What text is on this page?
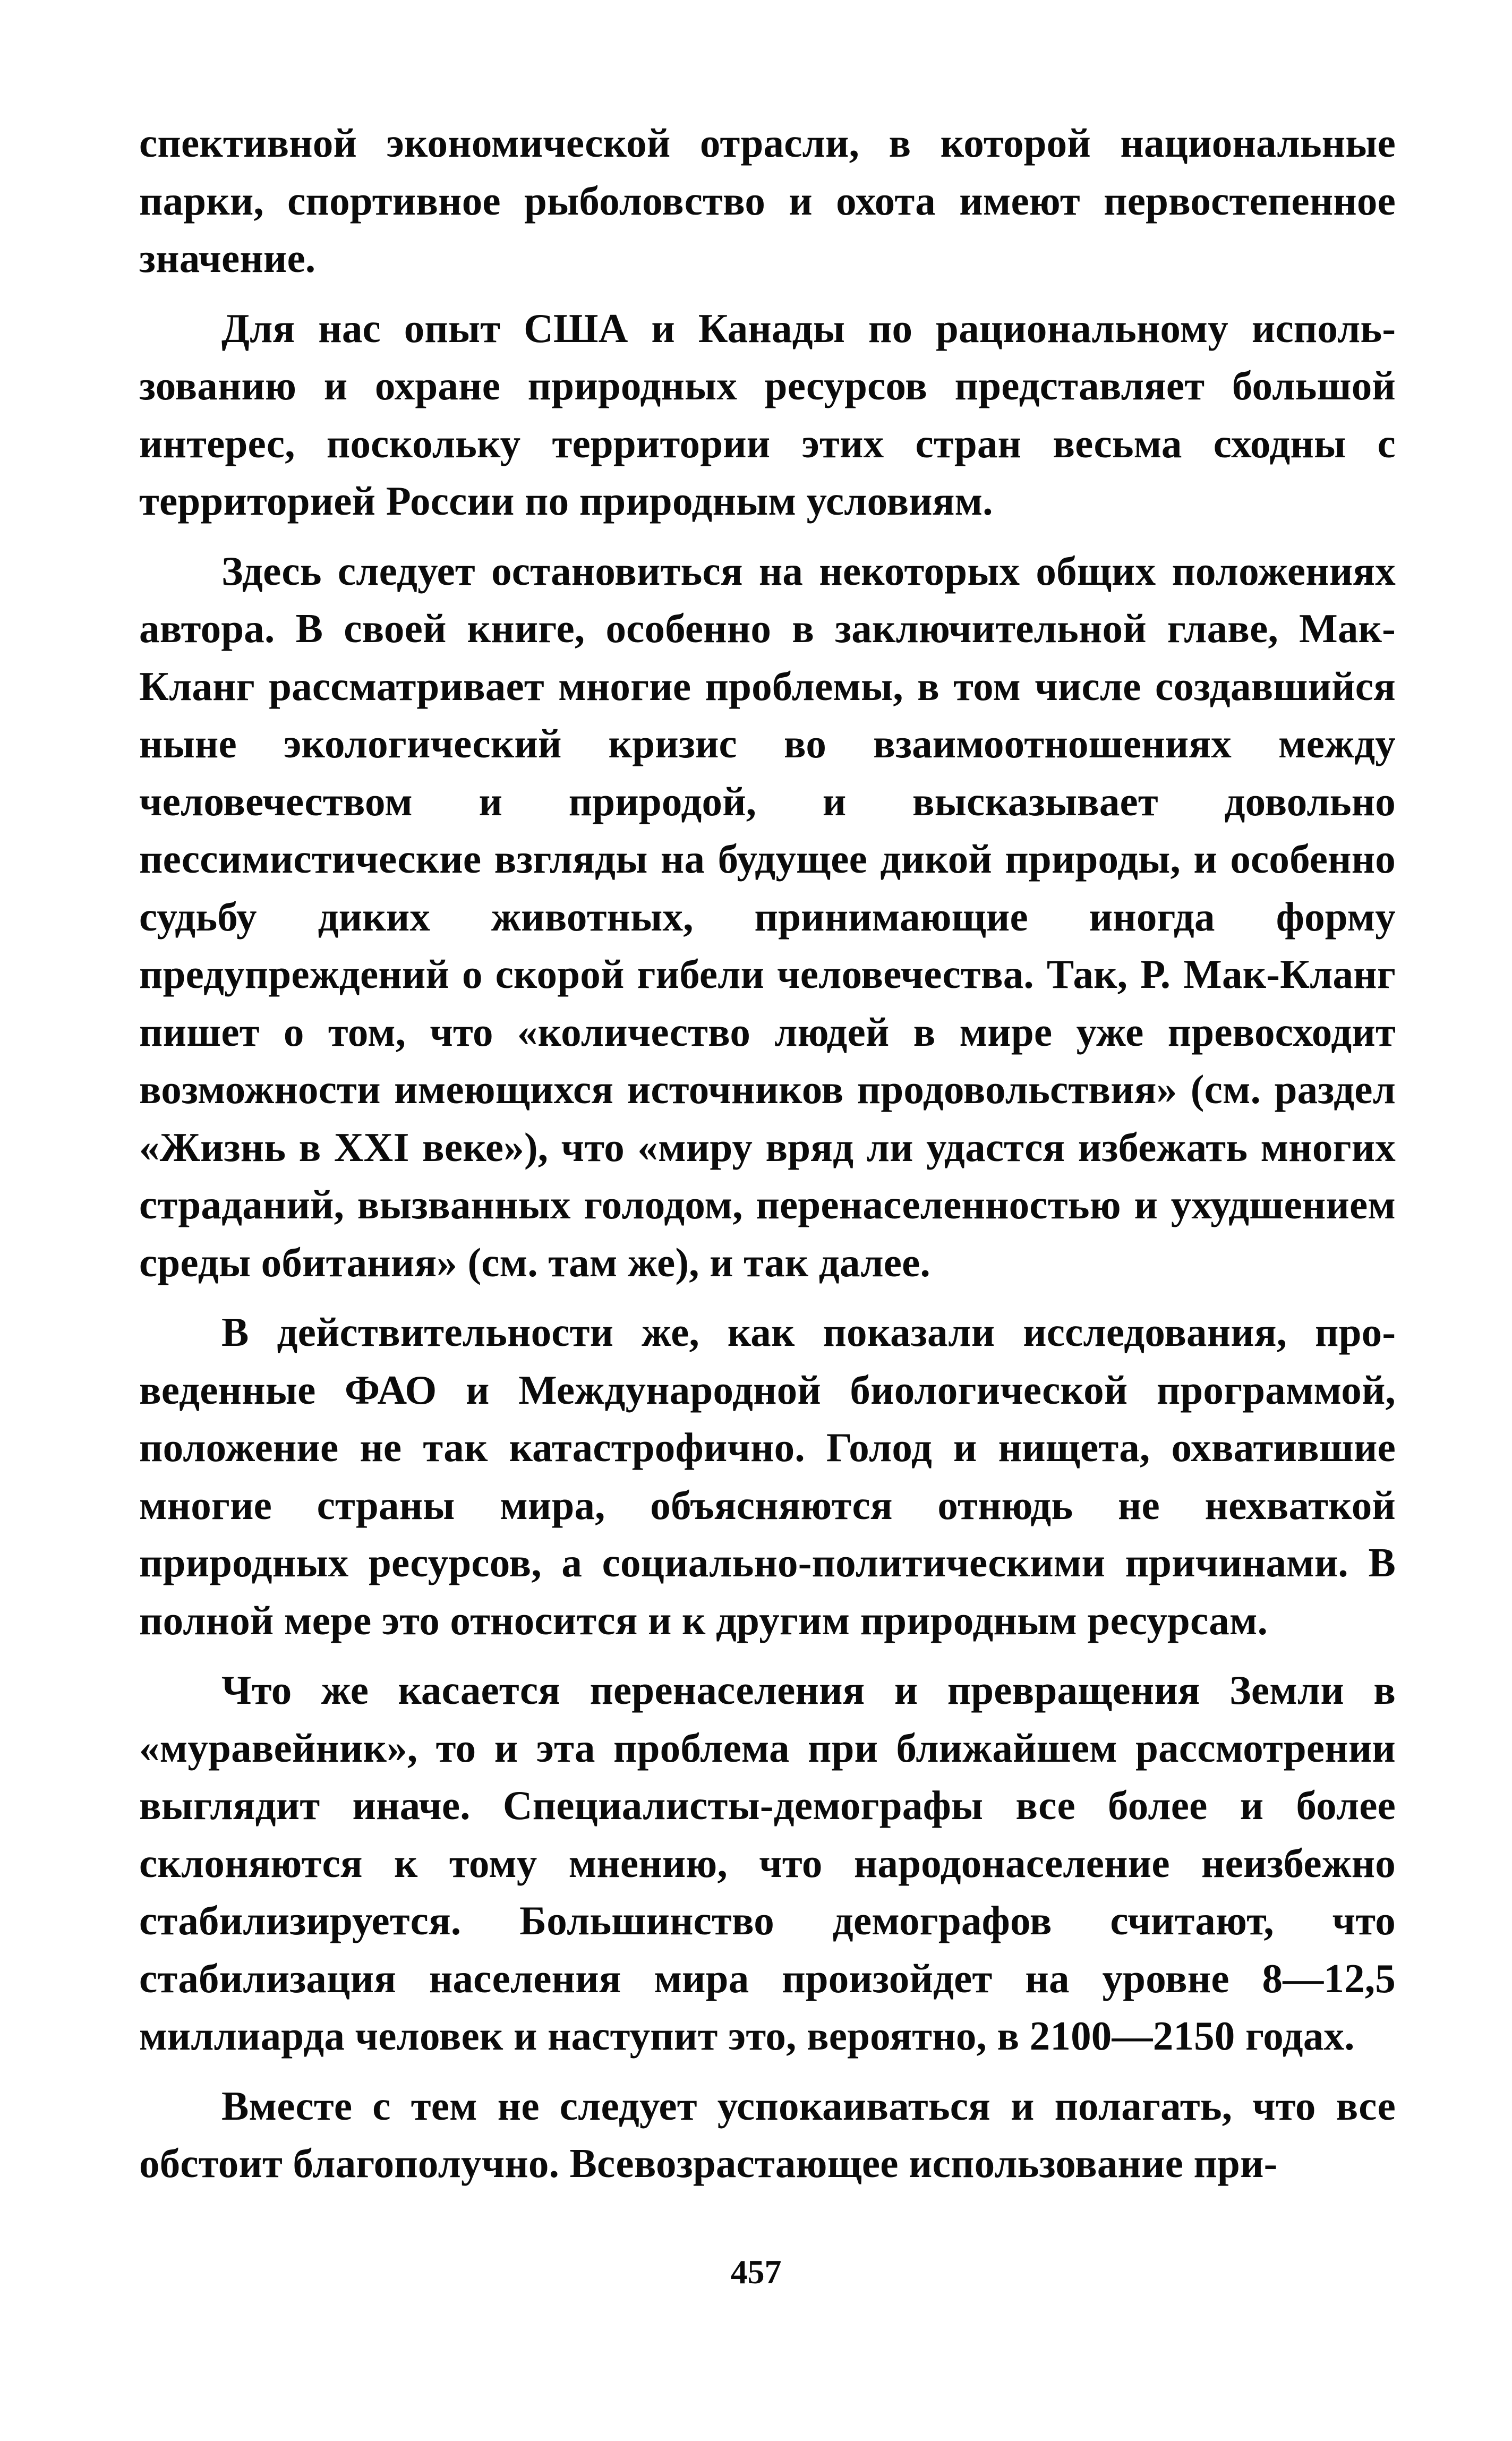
спективной экономической отрасли, в которой национальные парки, спортивное рыболовство и охота имеют первостепенное значение.

Для нас опыт США и Канады по рациональному использованию и охране природных ресурсов представляет большой интерес, поскольку территории этих стран весьма сходны с территорией России по природным условиям.

Здесь следует остановиться на некоторых общих положениях автора. В своей книге, особенно в заключительной главе, Мак-Кланг рассматривает многие проблемы, в том числе создавшийся ныне экологический кризис во взаимоотношениях между человечеством и природой, и высказывает довольно пессимистические взгляды на будущее дикой природы, и особенно судьбу диких животных, принимающие иногда форму предупреждений о скорой гибели человечества. Так, Р. Мак-Кланг пишет о том, что «количество людей в мире уже превосходит возможности имеющихся источников продовольствия» (см. раздел «Жизнь в XXI веке»), что «миру вряд ли удастся избежать многих страданий, вызванных голодом, перенаселенностью и ухудшением среды обитания» (см. там же), и так далее.

В действительности же, как показали исследования, проведенные ФАО и Международной биологической программой, положение не так катастрофично. Голод и нищета, охватившие многие страны мира, объясняются отнюдь не нехваткой природных ресурсов, а социально-политическими причинами. В полной мере это относится и к другим природным ресурсам.

Что же касается перенаселения и превращения Земли в «муравейник», то и эта проблема при ближайшем рассмотрении выглядит иначе. Специалисты-демографы все более и более склоняются к тому мнению, что народонаселение неизбежно стабилизируется. Большинство демографов считают, что стабилизация населения мира произойдет на уровне 8—12,5 миллиарда человек и наступит это, вероятно, в 2100—2150 годах.

Вместе с тем не следует успокаиваться и полагать, что все обстоит благополучно. Всевозрастающее использование при-

457
